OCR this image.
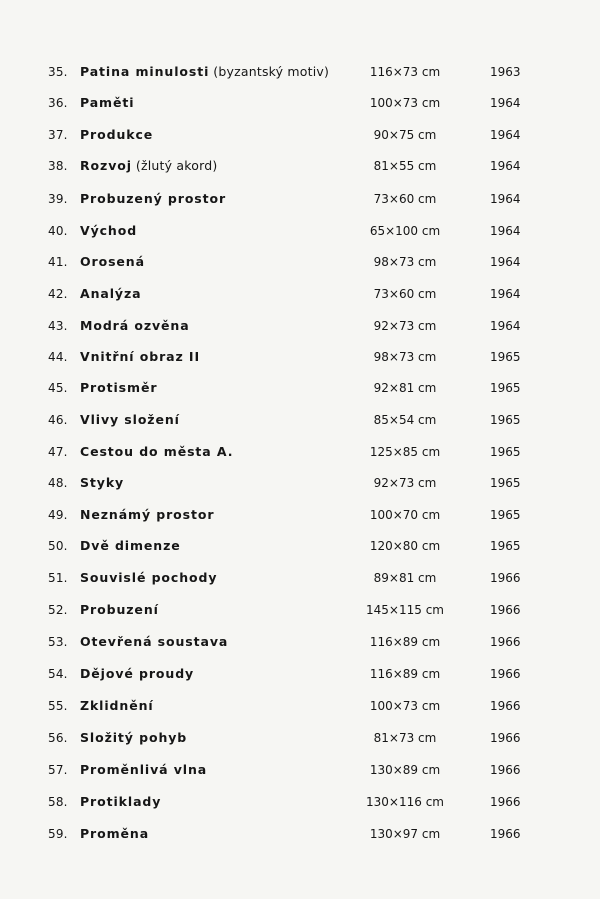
35. Patina minulosti (byzantský motiv)	116×73 cm	1963
36. Paměti	100×73 cm	1964
37. Produkce	90×75 cm	1964
38. Rozvoj (žlutý akord)	81×55 cm	1964
39. Probuzený prostor	73×60 cm	1964
40. Východ	65×100 cm	1964
41. Orosená	98×73 cm	1964
42. Analýza	73×60 cm	1964
43. Modrá ozvěna	92×73 cm	1964
44. Vnitřní obraz II	98×73 cm	1965
45. Protisměr	92×81 cm	1965
46. Vlivy složení	85×54 cm	1965
47. Cestou do města A.	125×85 cm	1965
48. Styky	92×73 cm	1965
49. Neznámý prostor	100×70 cm	1965
50. Dvě dimenze	120×80 cm	1965
51. Souvislé pochody	89×81 cm	1966
52. Probuzení	145×115 cm	1966
53. Otevřená soustava	116×89 cm	1966
54. Dějové proudy	116×89 cm	1966
55. Zklidnění	100×73 cm	1966
56. Složitý pohyb	81×73 cm	1966
57. Proměnlivá vlna	130×89 cm	1966
58. Protiklady	130×116 cm	1966
59. Proměna	130×97 cm	1966
